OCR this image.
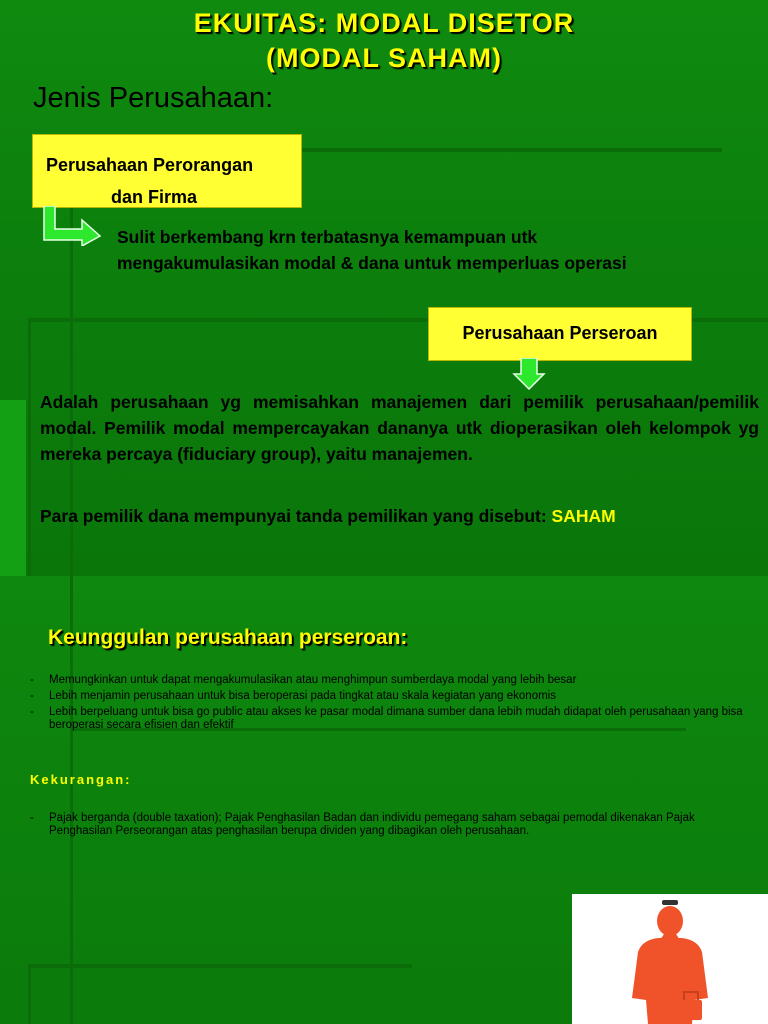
EKUITAS: MODAL DISETOR
(MODAL SAHAM)
Jenis Perusahaan:
Perusahaan Perorangan
dan Firma
Sulit berkembang krn terbatasnya kemampuan utk
mengakumulasikan modal & dana untuk memperluas operasi
Perusahaan Perseroan
Adalah perusahaan yg memisahkan manajemen dari pemilik perusahaan/pemilik modal. Pemilik modal mempercayakan dananya utk dioperasikan oleh kelompok yg mereka percaya (fiduciary group), yaitu manajemen.
Para pemilik dana mempunyai tanda pemilikan yang disebut: SAHAM
Keunggulan perusahaan perseroan:
- Memungkinkan untuk dapat mengakumulasikan atau menghimpun sumberdaya modal yang lebih besar
- Lebih menjamin perusahaan untuk bisa beroperasi pada tingkat atau skala kegiatan yang ekonomis
- Lebih berpeluang untuk bisa go public atau akses ke pasar modal dimana sumber dana lebih mudah didapat oleh perusahaan yang bisa beroperasi secara efisien dan efektif
Kekurangan:
- Pajak berganda (double taxation); Pajak Penghasilan Badan dan individu pemegang saham sebagai pemodal dikenakan Pajak Penghasilan Perseorangan atas penghasilan berupa dividen yang dibagikan oleh perusahaan.
